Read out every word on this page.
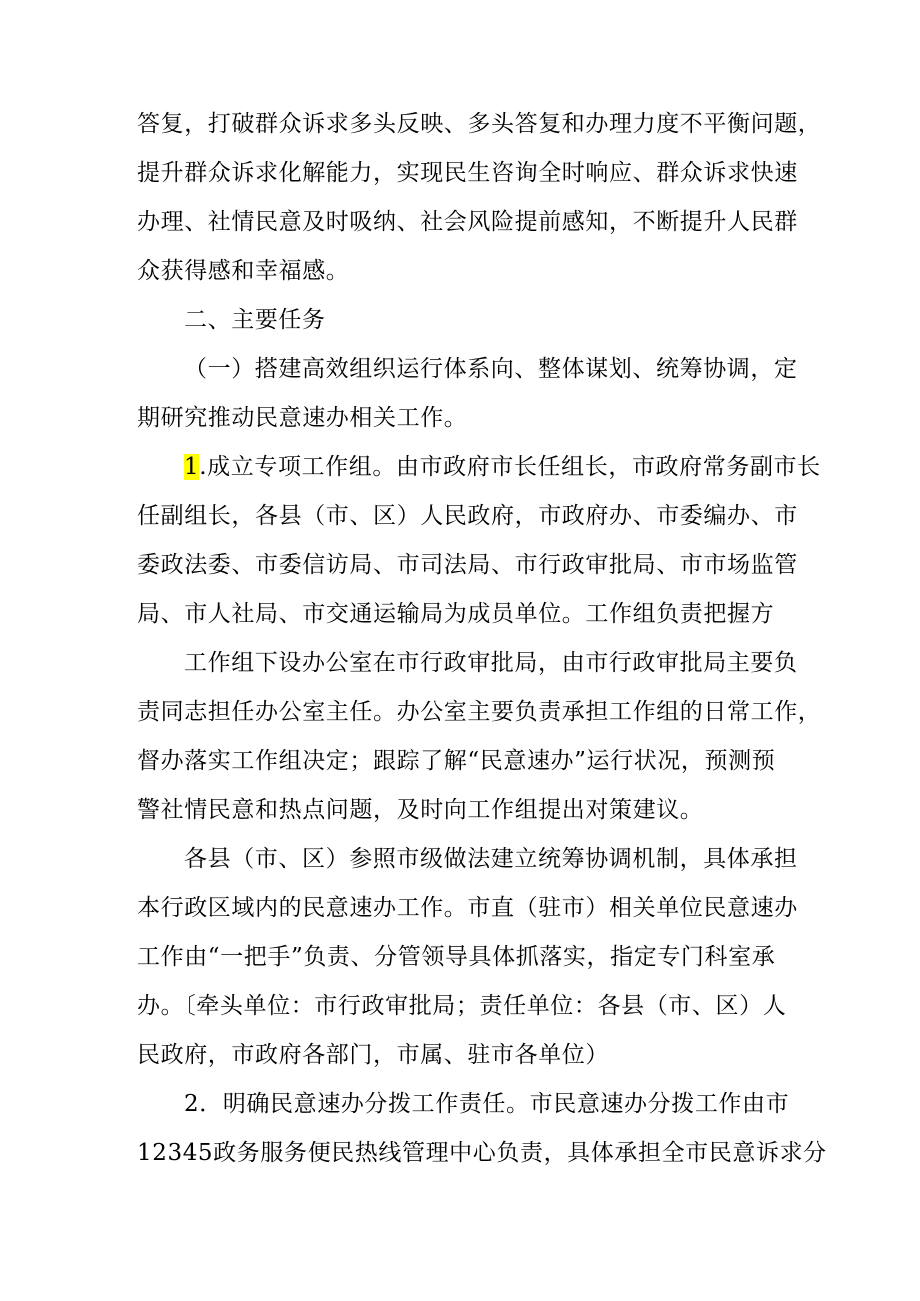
答复，打破群众诉求多头反映、多头答复和办理力度不平衡问题，
提升群众诉求化解能力，实现民生咨询全时响应、群众诉求快速
办理、社情民意及时吸纳、社会风险提前感知，不断提升人民群
众获得感和幸福感。
二、主要任务
（一）搭建高效组织运行体系向、整体谋划、统筹协调，定
期研究推动民意速办相关工作。
1.成立专项工作组。由市政府市长任组长，市政府常务副市长
任副组长，各县（市、区）人民政府，市政府办、市委编办、市
委政法委、市委信访局、市司法局、市行政审批局、市市场监管
局、市人社局、市交通运输局为成员单位。工作组负责把握方
工作组下设办公室在市行政审批局，由市行政审批局主要负
责同志担任办公室主任。办公室主要负责承担工作组的日常工作，
督办落实工作组决定；跟踪了解“民意速办”运行状况，预测预
警社情民意和热点问题，及时向工作组提出对策建议。
各县（市、区）参照市级做法建立统筹协调机制，具体承担
本行政区域内的民意速办工作。市直（驻市）相关单位民意速办
工作由“一把手”负责、分管领导具体抓落实，指定专门科室承
办。〔牵头单位：市行政审批局；责任单位：各县（市、区）人
民政府，市政府各部门，市属、驻市各单位）
2．明确民意速办分拨工作责任。市民意速办分拨工作由市
12345政务服务便民热线管理中心负责，具体承担全市民意诉求分
